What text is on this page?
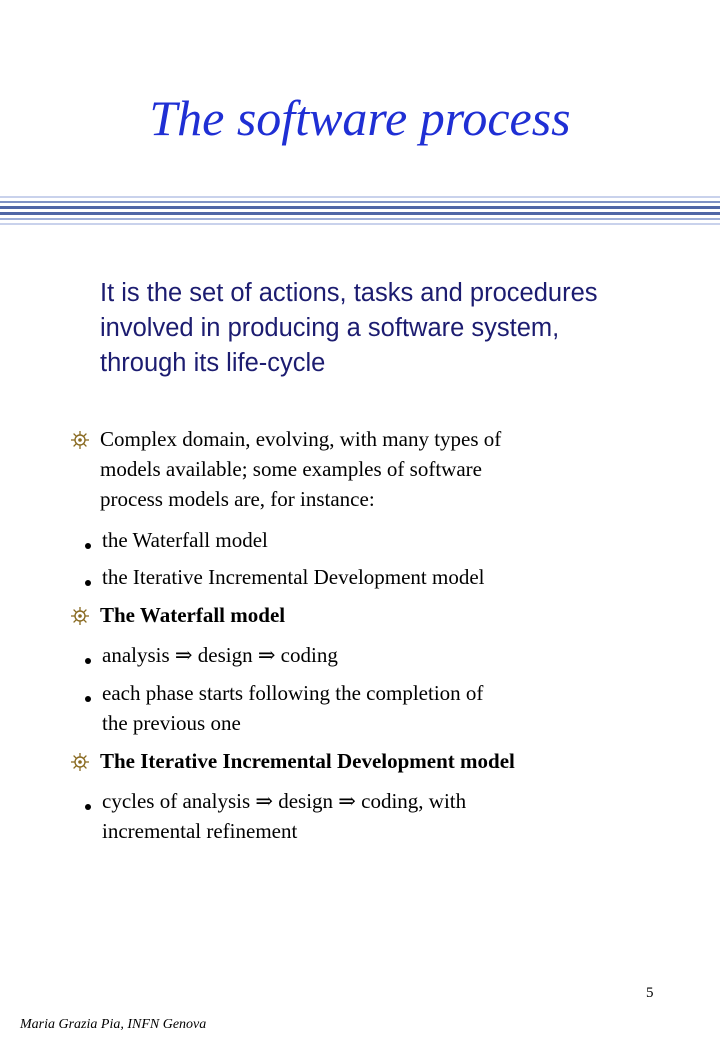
The software process
It is the set of actions, tasks and procedures
involved in producing a software system,
through its life-cycle
Complex domain, evolving, with many types of
models available; some examples of software
process models are, for instance:
the Waterfall model
the Iterative Incremental Development model
The Waterfall model
analysis ⇒ design ⇒ coding
each phase starts following the completion of
the previous one
The Iterative Incremental Development model
cycles of analysis ⇒ design ⇒ coding, with
incremental refinement
Maria Grazia Pia, INFN Genova
5
